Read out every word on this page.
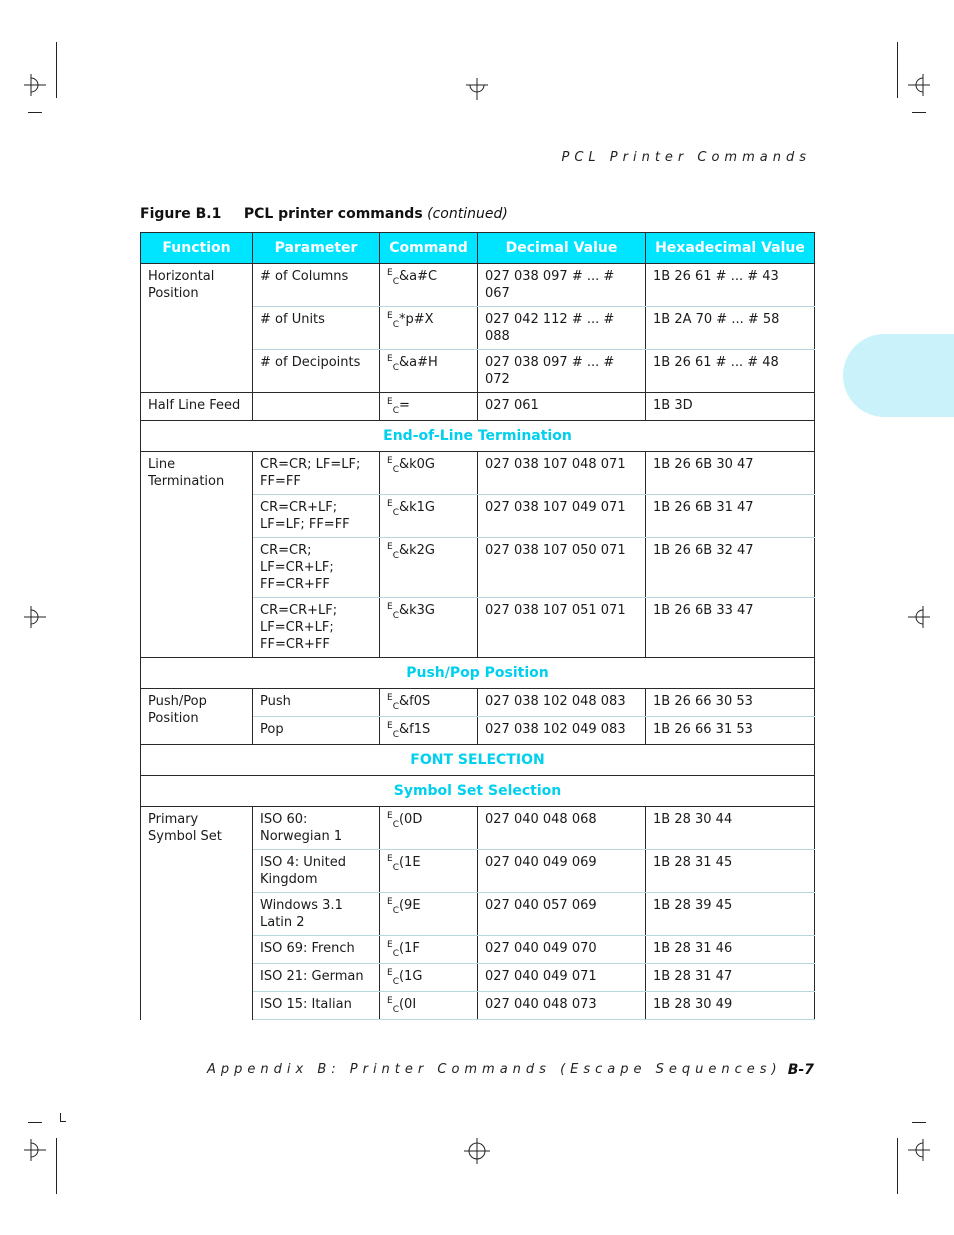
PCL Printer Commands
Figure B.1 PCL printer commands (continued)
Function	Parameter	Command	Decimal Value	Hexadecimal Value
Horizontal Position	# of Columns	$^E_C$&a#C	027 038 097 # ... # 067	1B 26 61 # ... # 43
	# of Units	$^E_C$*p#X	027 042 112 # ... # 088	1B 2A 70 # ... # 58
	# of Decipoints	$^E_C$&a#H	027 038 097 # ... # 072	1B 26 61 # ... # 48
Half Line Feed		$^E_C$=	027 061	1B 3D
End-of-Line Termination				
Line Termination	CR=CR; LF=LF; FF=FF	$^E_C$&k0G	027 038 107 048 071	1B 26 6B 30 47
	CR=CR+LF; LF=LF; FF=FF	$^E_C$&k1G	027 038 107 049 071	1B 26 6B 31 47
	CR=CR; LF=CR+LF; FF=CR+FF	$^E_C$&k2G	027 038 107 050 071	1B 26 6B 32 47
	CR=CR+LF; LF=CR+LF; FF=CR+FF	$^E_C$&k3G	027 038 107 051 071	1B 26 6B 33 47
Push/Pop Position				
Push/Pop Position	Push	$^E_C$&f0S	027 038 102 048 083	1B 26 66 30 53
	Pop	$^E_C$&f1S	027 038 102 049 083	1B 26 66 31 53
FONT SELECTION				
Symbol Set Selection				
Primary Symbol Set	ISO 60: Norwegian 1	$^E_C$(0D	027 040 048 068	1B 28 30 44
	ISO 4: United Kingdom	$^E_C$(1E	027 040 049 069	1B 28 31 45
	Windows 3.1 Latin 2	$^E_C$(9E	027 040 057 069	1B 28 39 45
	ISO 69: French	$^E_C$(1F	027 040 049 070	1B 28 31 46
	ISO 21: German	$^E_C$(1G	027 040 049 071	1B 28 31 47
	ISO 15: Italian	$^E_C$(0I	027 040 048 073	1B 28 30 49
Appendix B: Printer Commands (Escape Sequences) B-7
